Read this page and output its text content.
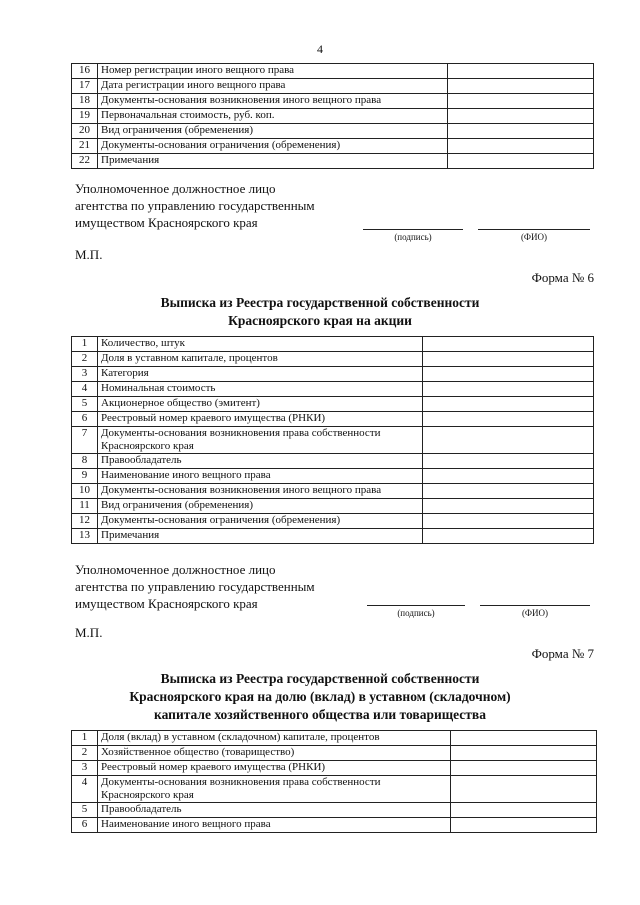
4
16	Номер регистрации иного вещного права	
17	Дата регистрации иного вещного права	
18	Документы-основания возникновения иного вещного права	
19	Первоначальная стоимость, руб. коп.	
20	Вид ограничения (обременения)	
21	Документы-основания ограничения (обременения)	
22	Примечания	
Уполномоченное должностное лицо
агентства по управлению государственным
имуществом Красноярского края
(подпись)	(ФИО)
М.П.
Форма № 6
Выписка из Реестра государственной собственности
Красноярского края на акции
1	Количество, штук	
2	Доля в уставном капитале, процентов	
3	Категория	
4	Номинальная стоимость	
5	Акционерное общество (эмитент)	
6	Реестровый номер краевого имущества (РНКИ)	
7	Документы-основания возникновения права собственности Красноярского края	
8	Правообладатель	
9	Наименование иного вещного права	
10	Документы-основания возникновения иного вещного права	
11	Вид ограничения (обременения)	
12	Документы-основания ограничения (обременения)	
13	Примечания	
Уполномоченное должностное лицо
агентства по управлению государственным
имуществом Красноярского края
(подпись)	(ФИО)
М.П.
Форма № 7
Выписка из Реестра государственной собственности
Красноярского края на долю (вклад) в уставном (складочном)
капитале хозяйственного общества или товарищества
1	Доля (вклад) в уставном (складочном) капитале, процентов	
2	Хозяйственное общество (товарищество)	
3	Реестровый номер краевого имущества (РНКИ)	
4	Документы-основания возникновения права собственности Красноярского края	
5	Правообладатель	
6	Наименование иного вещного права	
